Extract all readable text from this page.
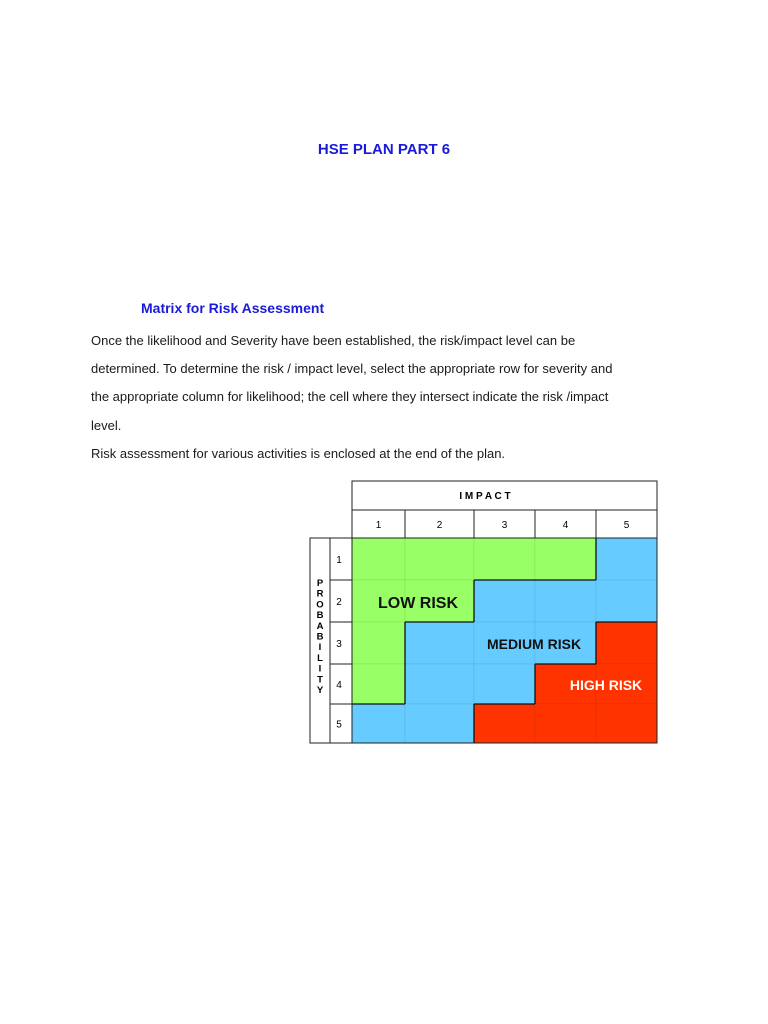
HSE PLAN PART 6
Matrix for Risk Assessment
Once the likelihood and Severity have been established, the risk/impact level can be
determined. To determine the risk / impact level, select the appropriate row for severity and
the appropriate column for likelihood; the cell where they intersect indicate the risk /impact
level.
Risk assessment for various activities is enclosed at the end of the plan.
I M P A C T
P
R
O
B
A
B
I
L
I
T
Y
1	2	3	4	5
1
2
3
4
5
LOW RISK
MEDIUM RISK
HIGH RISK
